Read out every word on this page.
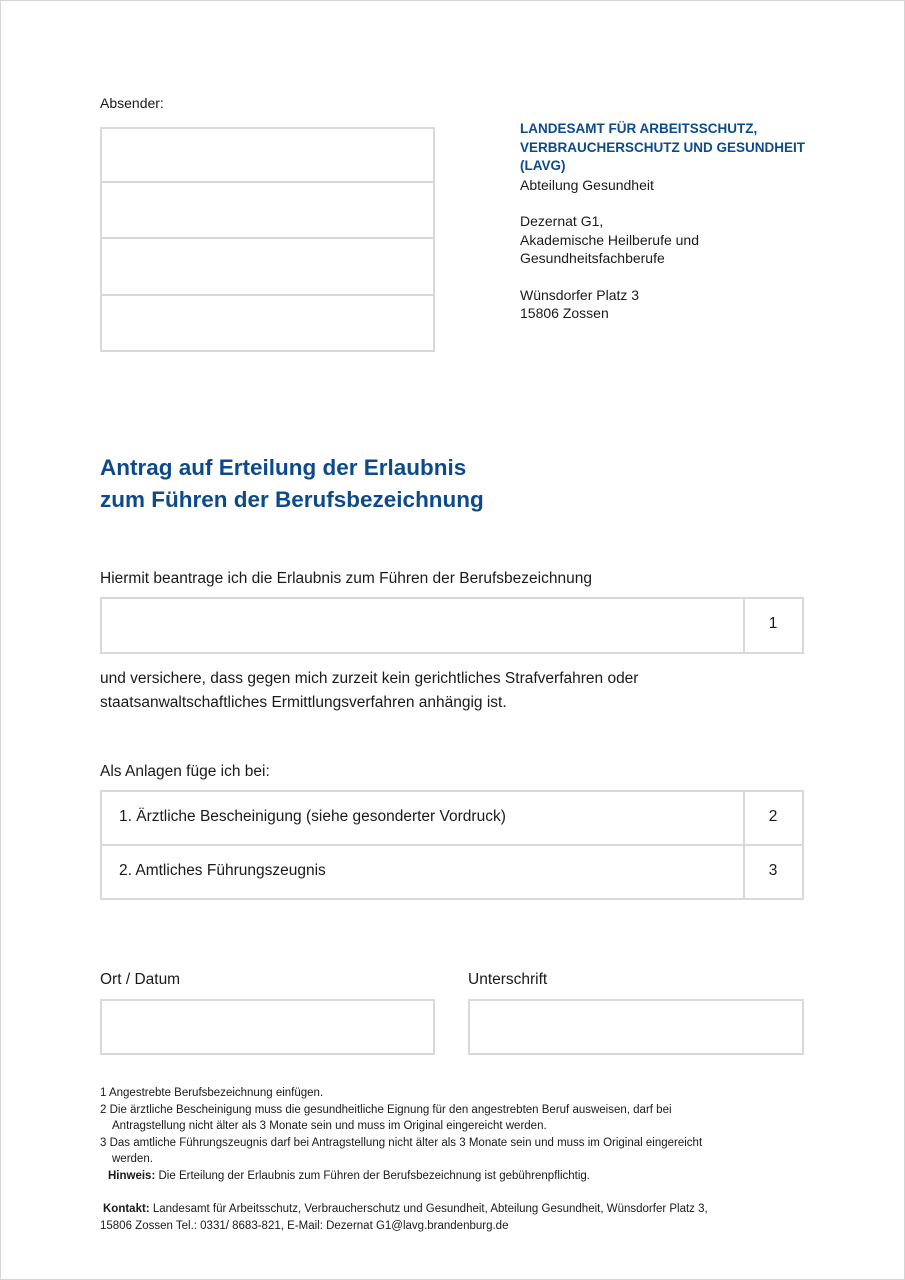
Absender:
LANDESAMT FÜR ARBEITSSCHUTZ,
VERBRAUCHERSCHUTZ UND GESUNDHEIT
(LAVG)
Abteilung Gesundheit
Dezernat G1,
Akademische Heilberufe und
Gesundheitsfachberufe
Wünsdorfer Platz 3
15806 Zossen
Antrag auf Erteilung der Erlaubnis
zum Führen der Berufsbezeichnung
Hiermit beantrage ich die Erlaubnis zum Führen der Berufsbezeichnung
1
und versichere, dass gegen mich zurzeit kein gerichtliches Strafverfahren oder
staatsanwaltschaftliches Ermittlungsverfahren anhängig ist.
Als Anlagen füge ich bei:
1. Ärztliche Bescheinigung (siehe gesonderter Vordruck)	2
2. Amtliches Führungszeugnis	3
Ort / Datum	Unterschrift
1 Angestrebte Berufsbezeichnung einfügen.
2 Die ärztliche Bescheinigung muss die gesundheitliche Eignung für den angestrebten Beruf ausweisen, darf bei
Antragstellung nicht älter als 3 Monate sein und muss im Original eingereicht werden.
3 Das amtliche Führungszeugnis darf bei Antragstellung nicht älter als 3 Monate sein und muss im Original eingereicht
werden.
Hinweis: Die Erteilung der Erlaubnis zum Führen der Berufsbezeichnung ist gebührenpflichtig.
Kontakt: Landesamt für Arbeitsschutz, Verbraucherschutz und Gesundheit, Abteilung Gesundheit, Wünsdorfer Platz 3,
15806 Zossen Tel.: 0331/ 8683-821, E-Mail: Dezernat G1@lavg.brandenburg.de
